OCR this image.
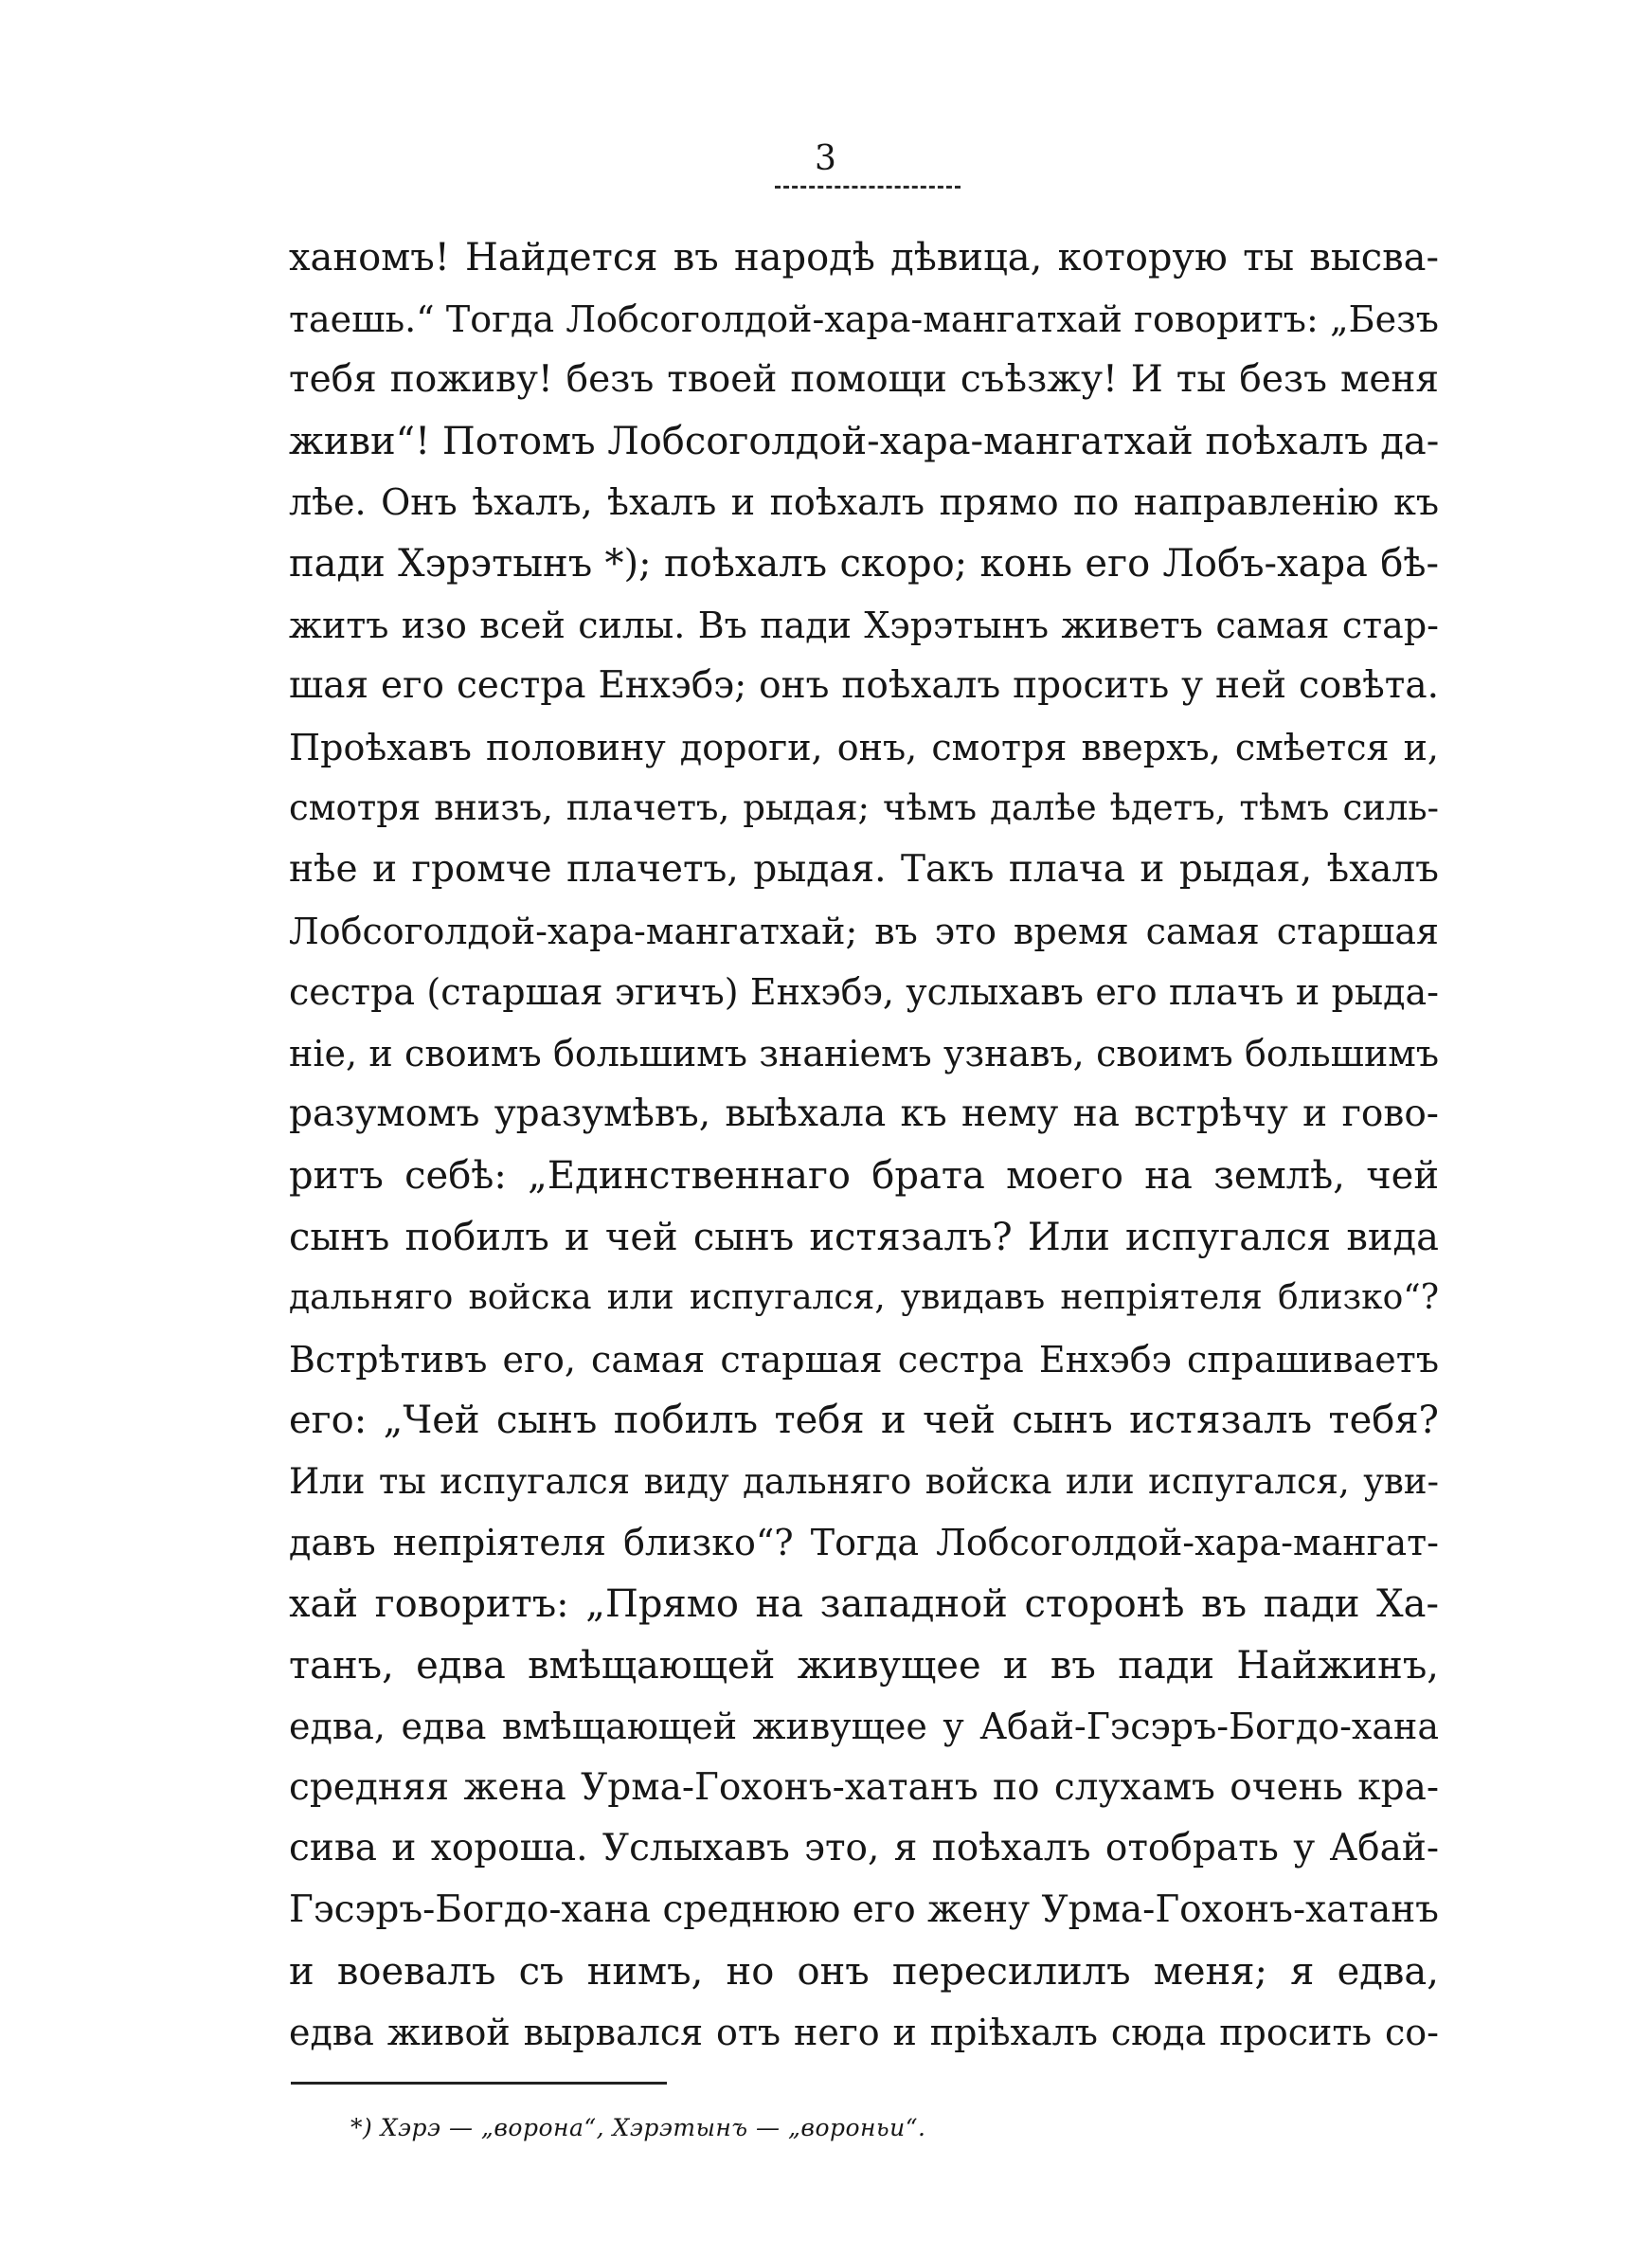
3
ханомъ! Найдется въ народѣ дѣвица, которую ты высва-
таешь.“ Тогда Лобсоголдой-хара-мангатхай говоритъ: „Безъ
тебя поживу! безъ твоей помощи съѣзжу! И ты безъ меня
живи“! Потомъ Лобсоголдой-хара-мангатхай поѣхалъ да-
лѣе. Онъ ѣхалъ, ѣхалъ и поѣхалъ прямо по направленію къ
пади Хэрэтынъ *); поѣхалъ скоро; конь его Лобъ-хара бѣ-
житъ изо всей силы. Въ пади Хэрэтынъ живетъ самая стар-
шая его сестра Енхэбэ; онъ поѣхалъ просить у ней совѣта.
Проѣхавъ половину дороги, онъ, смотря вверхъ, смѣется и,
смотря внизъ, плачетъ, рыдая; чѣмъ далѣе ѣдетъ, тѣмъ силь-
нѣе и громче плачетъ, рыдая. Такъ плача и рыдая, ѣхалъ
Лобсоголдой-хара-мангатхай; въ это время самая старшая
сестра (старшая эгичъ) Енхэбэ, услыхавъ его плачъ и рыда-
ніе, и своимъ большимъ знаніемъ узнавъ, своимъ большимъ
разумомъ уразумѣвъ, выѣхала къ нему на встрѣчу и гово-
ритъ себѣ: „Единственнаго брата моего на землѣ, чей
сынъ побилъ и чей сынъ истязалъ? Или испугался вида
дальняго войска или испугался, увидавъ непріятеля близко“?
Встрѣтивъ его, самая старшая сестра Енхэбэ спрашиваетъ
его: „Чей сынъ побилъ тебя и чей сынъ истязалъ тебя?
Или ты испугался виду дальняго войска или испугался, уви-
давъ непріятеля близко“? Тогда Лобсоголдой-хара-мангат-
хай говоритъ: „Прямо на западной сторонѣ въ пади Ха-
танъ, едва вмѣщающей живущее и въ пади Найжинъ,
едва, едва вмѣщающей живущее у Абай-Гэсэръ-Богдо-хана
средняя жена Урма-Гохонъ-хатанъ по слухамъ очень кра-
сива и хороша. Услыхавъ это, я поѣхалъ отобрать у Абай-
Гэсэръ-Богдо-хана среднюю его жену Урма-Гохонъ-хатанъ
и воевалъ съ нимъ, но онъ пересилилъ меня; я едва,
едва живой вырвался отъ него и пріѣхалъ сюда просить со-
*) Хэрэ — „ворона“, Хэрэтынъ — „вороньи“.
